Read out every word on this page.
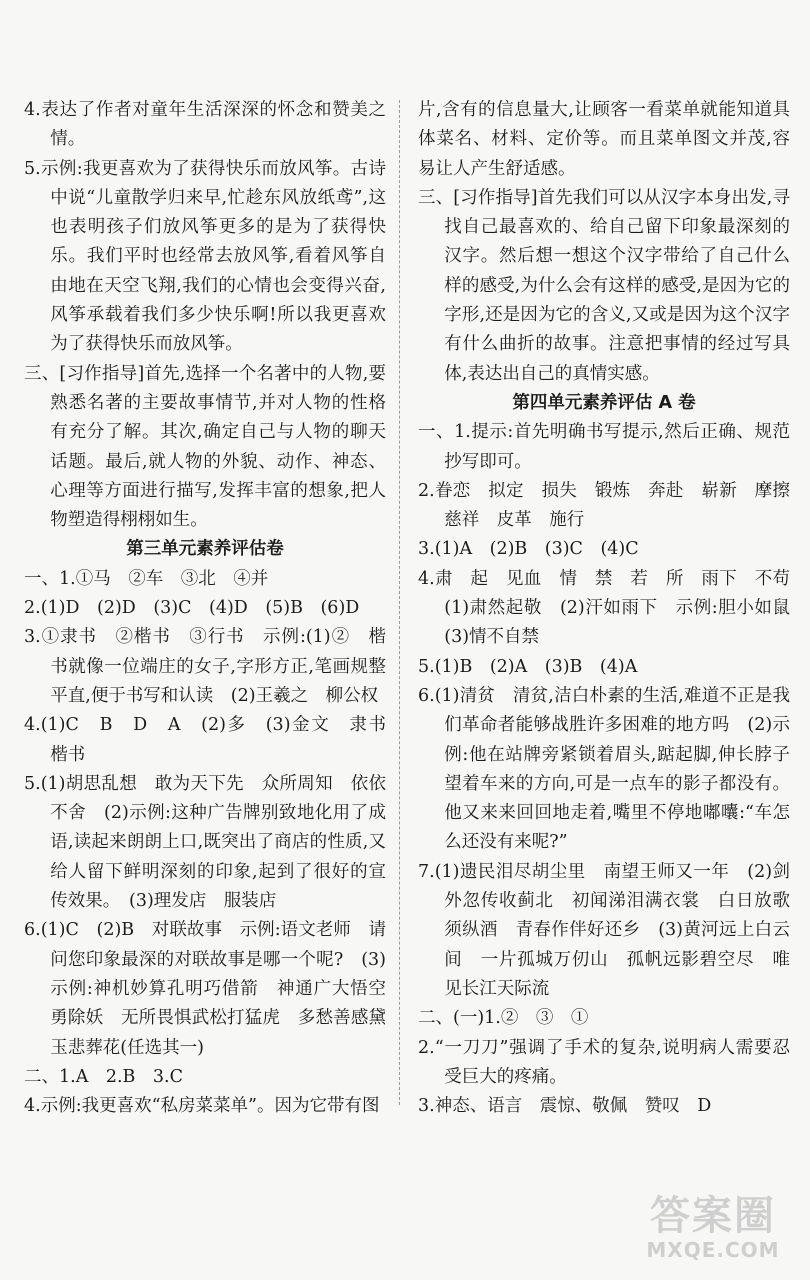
4.表达了作者对童年生活深深的怀念和赞美之情。
5.示例:我更喜欢为了获得快乐而放风筝。古诗中说“儿童散学归来早,忙趁东风放纸鸢”,这也表明孩子们放风筝更多的是为了获得快乐。我们平时也经常去放风筝,看着风筝自由地在天空飞翔,我们的心情也会变得兴奋,风筝承载着我们多少快乐啊!所以我更喜欢为了获得快乐而放风筝。
三、[习作指导]首先,选择一个名著中的人物,要熟悉名著的主要故事情节,并对人物的性格有充分了解。其次,确定自己与人物的聊天话题。最后,就人物的外貌、动作、神态、心理等方面进行描写,发挥丰富的想象,把人物塑造得栩栩如生。
第三单元素养评估卷
一、1.①马　②车　③北　④并
2.(1)D　(2)D　(3)C　(4)D　(5)B　(6)D
3.①隶书　②楷书　③行书　示例:(1)②　楷书就像一位端庄的女子,字形方正,笔画规整平直,便于书写和认读　(2)王羲之　柳公权
4.(1)C　B　D　A　(2)多　(3)金文　隶书　楷书
5.(1)胡思乱想　敢为天下先　众所周知　依依不舍　(2)示例:这种广告牌别致地化用了成语,读起来朗朗上口,既突出了商店的性质,又给人留下鲜明深刻的印象,起到了很好的宣传效果。　(3)理发店　服装店
6.(1)C　(2)B　对联故事　示例:语文老师　请问您印象最深的对联故事是哪一个呢?　(3)示例:神机妙算孔明巧借箭　神通广大悟空勇除妖　无所畏惧武松打猛虎　多愁善感黛玉悲葬花(任选其一)
二、1.A　2.B　3.C
4.示例:我更喜欢“私房菜菜单”。因为它带有图
片,含有的信息量大,让顾客一看菜单就能知道具体菜名、材料、定价等。而且菜单图文并茂,容易让人产生舒适感。
三、[习作指导]首先我们可以从汉字本身出发,寻找自己最喜欢的、给自己留下印象最深刻的汉字。然后想一想这个汉字带给了自己什么样的感受,为什么会有这样的感受,是因为它的字形,还是因为它的含义,又或是因为这个汉字有什么曲折的故事。注意把事情的经过写具体,表达出自己的真情实感。
第四单元素养评估 A 卷
一、1.提示:首先明确书写提示,然后正确、规范抄写即可。
2.眷恋　拟定　损失　锻炼　奔赴　崭新　摩擦　慈祥　皮革　施行
3.(1)A　(2)B　(3)C　(4)C
4.肃　起　见血　情　禁　若　所　雨下　不苟　(1)肃然起敬　(2)汗如雨下　示例:胆小如鼠　(3)情不自禁
5.(1)B　(2)A　(3)B　(4)A
6.(1)清贫　清贫,洁白朴素的生活,难道不正是我们革命者能够战胜许多困难的地方吗　(2)示例:他在站牌旁紧锁着眉头,踮起脚,伸长脖子望着车来的方向,可是一点车的影子都没有。他又来来回回地走着,嘴里不停地嘟囔:“车怎么还没有来呢?”
7.(1)遗民泪尽胡尘里　南望王师又一年　(2)剑外忽传收蓟北　初闻涕泪满衣裳　白日放歌须纵酒　青春作伴好还乡　(3)黄河远上白云间　一片孤城万仞山　孤帆远影碧空尽　唯见长江天际流
二、(一)1.②　③　①
2.“一刀刀”强调了手术的复杂,说明病人需要忍受巨大的疼痛。
3.神态、语言　震惊、敬佩　赞叹　D
答案圈
MXQE.COM
